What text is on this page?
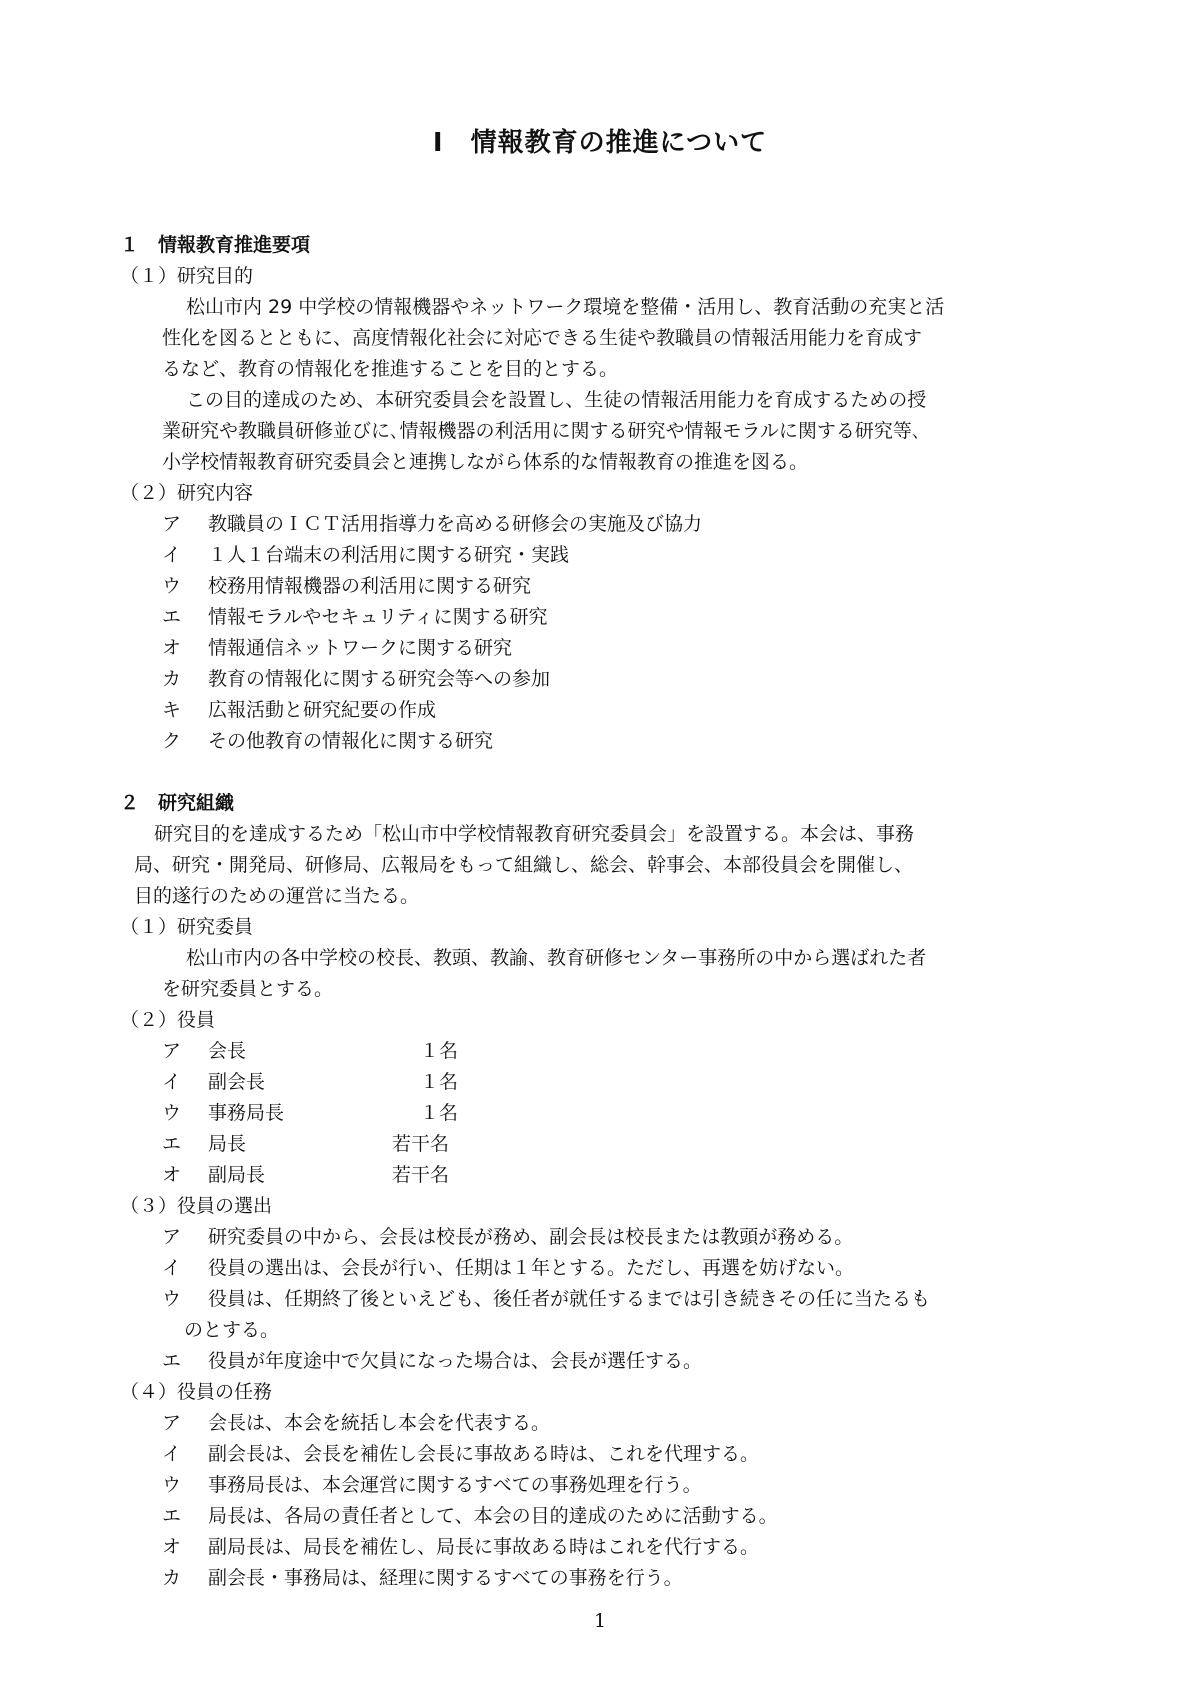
Ⅰ　情報教育の推進について
１　情報教育推進要項
（１）研究目的
松山市内 29 中学校の情報機器やネットワーク環境を整備・活用し、教育活動の充実と活
性化を図るとともに、高度情報化社会に対応できる生徒や教職員の情報活用能力を育成す
るなど、教育の情報化を推進することを目的とする。
この目的達成のため、本研究委員会を設置し、生徒の情報活用能力を育成するための授
業研究や教職員研修並びに､情報機器の利活用に関する研究や情報モラルに関する研究等､
小学校情報教育研究委員会と連携しながら体系的な情報教育の推進を図る。
（２）研究内容
ア 教職員のＩＣＴ活用指導力を高める研修会の実施及び協力
イ １人１台端末の利活用に関する研究・実践
ウ 校務用情報機器の利活用に関する研究
エ 情報モラルやセキュリティに関する研究
オ 情報通信ネットワークに関する研究
カ 教育の情報化に関する研究会等への参加
キ 広報活動と研究紀要の作成
ク その他教育の情報化に関する研究
２　研究組織
研究目的を達成するため「松山市中学校情報教育研究委員会」を設置する。本会は、事務
局、研究・開発局、研修局、広報局をもって組織し、総会、幹事会、本部役員会を開催し、
目的遂行のための運営に当たる。
（１）研究委員
松山市内の各中学校の校長、教頭、教諭、教育研修センター事務所の中から選ばれた者
を研究委員とする。
（２）役員
ア 会長	１名
イ 副会長	１名
ウ 事務局長	１名
エ 局長	若干名
オ 副局長	若干名
（３）役員の選出
ア 研究委員の中から、会長は校長が務め、副会長は校長または教頭が務める。
イ 役員の選出は、会長が行い、任期は１年とする。ただし、再選を妨げない。
ウ 役員は、任期終了後といえども、後任者が就任するまでは引き続きその任に当たるも
のとする。
エ 役員が年度途中で欠員になった場合は、会長が選任する。
（４）役員の任務
ア 会長は、本会を統括し本会を代表する。
イ 副会長は、会長を補佐し会長に事故ある時は、これを代理する。
ウ 事務局長は、本会運営に関するすべての事務処理を行う。
エ 局長は、各局の責任者として、本会の目的達成のために活動する。
オ 副局長は、局長を補佐し、局長に事故ある時はこれを代行する。
カ 副会長・事務局は、経理に関するすべての事務を行う。
1
